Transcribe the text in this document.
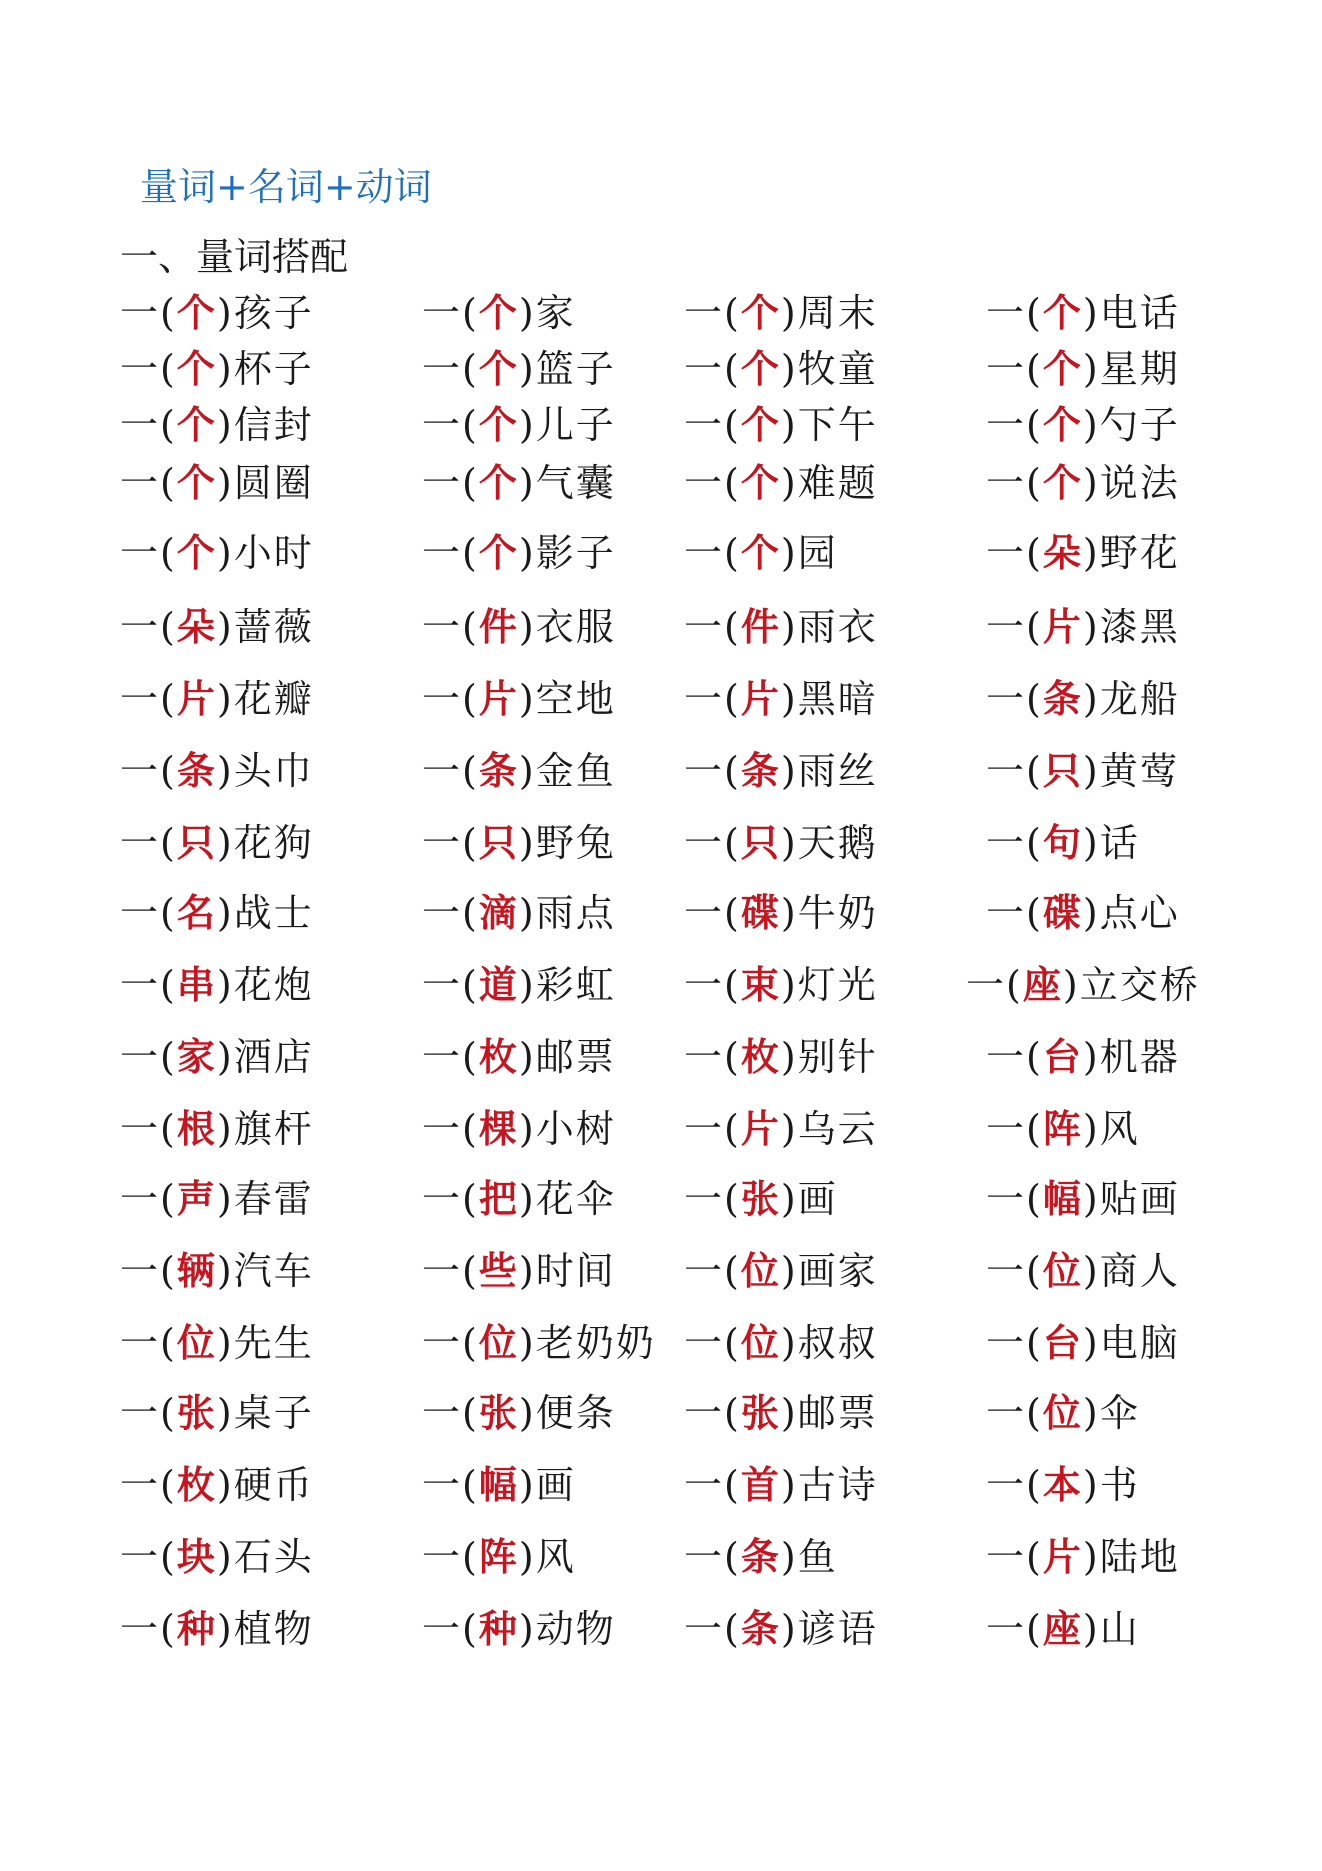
量词+名词+动词
一、量词搭配
一(个)孩子	一(个)家	一(个)周末	一(个)电话
一(个)杯子	一(个)篮子 一(个)牧童	一(个)星期
一(个)信封	一(个)儿子 一(个)下午	一(个)勺子
一(个)圆圈	一(个)气囊 一(个)难题	一(个)说法
一(个)小时	一(个)影子 一(个)园	一(朵)野花
一(朵)蔷薇	一(件)衣服 一(件)雨衣	一(片)漆黑
一(片)花瓣	一(片)空地 一(片)黑暗	一(条)龙船
一(条)头巾	一(条)金鱼 一(条)雨丝	一(只)黄莺
一(只)花狗	一(只)野兔 一(只)天鹅	一(句)话
一(名)战士	一(滴)雨点 一(碟)牛奶	一(碟)点心
一(串)花炮	一(道)彩虹 一(束)灯光 一(座)立交桥
一(家)酒店	一(枚)邮票 一(枚)别针	一(台)机器
一(根)旗杆	一(棵)小树 一(片)乌云	一(阵)风
一(声)春雷	一(把)花伞 一(张)画	一(幅)贴画
一(辆)汽车	一(些)时间 一(位)画家	一(位)商人
一(位)先生	一(位)老奶奶 一(位)叔叔	一(台)电脑
一(张)桌子	一(张)便条 一(张)邮票	一(位)伞
一(枚)硬币	一(幅)画	一(首)古诗	一(本)书
一(块)石头	一(阵)风	一(条)鱼	一(片)陆地
一(种)植物	一(种)动物 一(条)谚语	一(座)山
